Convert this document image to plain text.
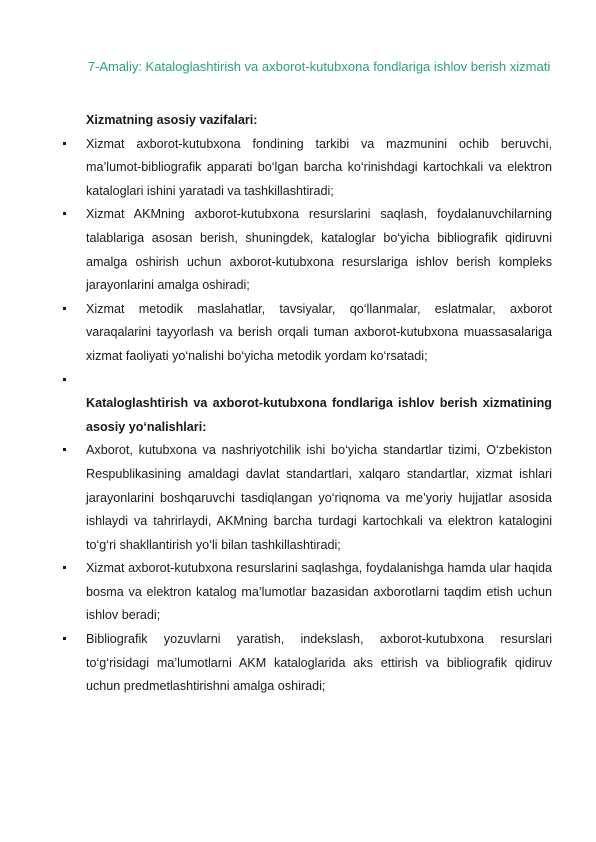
7-Amaliy: Kataloglashtirish va axborot-kutubxona fondlariga ishlov berish xizmati

Xizmatning asosiy vazifalari:

Xizmat axborot-kutubxona fondining tarkibi va mazmunini ochib beruvchi, ma’lumot-bibliografik apparati bo‘lgan barcha ko‘rinishdagi kartochkali va elektron kataloglari ishini yaratadi va tashkillashtiradi;
Xizmat AKMning axborot-kutubxona resurslarini saqlash, foydalanuvchilarning talablariga asosan berish, shuningdek, kataloglar bo‘yicha bibliografik qidiruvni amalga oshirish uchun axborot-kutubxona resurslariga ishlov berish kompleks jarayonlarini amalga oshiradi;
Xizmat metodik maslahatlar, tavsiyalar, qo‘llanmalar, eslatmalar, axborot varaqalarini tayyorlash va berish orqali tuman axborot-kutubxona muassasalariga xizmat faoliyati yo‘nalishi bo‘yicha metodik yordam ko‘rsatadi;

Kataloglashtirish va axborot-kutubxona fondlariga ishlov berish xizmatining asosiy yo‘nalishlari:

Axborot, kutubxona va nashriyotchilik ishi bo‘yicha standartlar tizimi, O‘zbekiston Respublikasining amaldagi davlat standartlari, xalqaro standartlar, xizmat ishlari jarayonlarini boshqaruvchi tasdiqlangan yo‘riqnoma va me’yoriy hujjatlar asosida ishlaydi va tahrirlaydi, AKMning barcha turdagi kartochkali va elektron katalogini to‘g‘ri shakllantirish yo‘li bilan tashkillashtiradi;
Xizmat axborot-kutubxona resurslarini saqlashga, foydalanishga hamda ular haqida bosma va elektron katalog ma’lumotlar bazasidan axborotlarni taqdim etish uchun ishlov beradi;
Bibliografik yozuvlarni yaratish, indekslash, axborot-kutubxona resurslari to‘g‘risidagi ma’lumotlarni AKM kataloglarida aks ettirish va bibliografik qidiruv uchun predmetlashtirishni amalga oshiradi;
